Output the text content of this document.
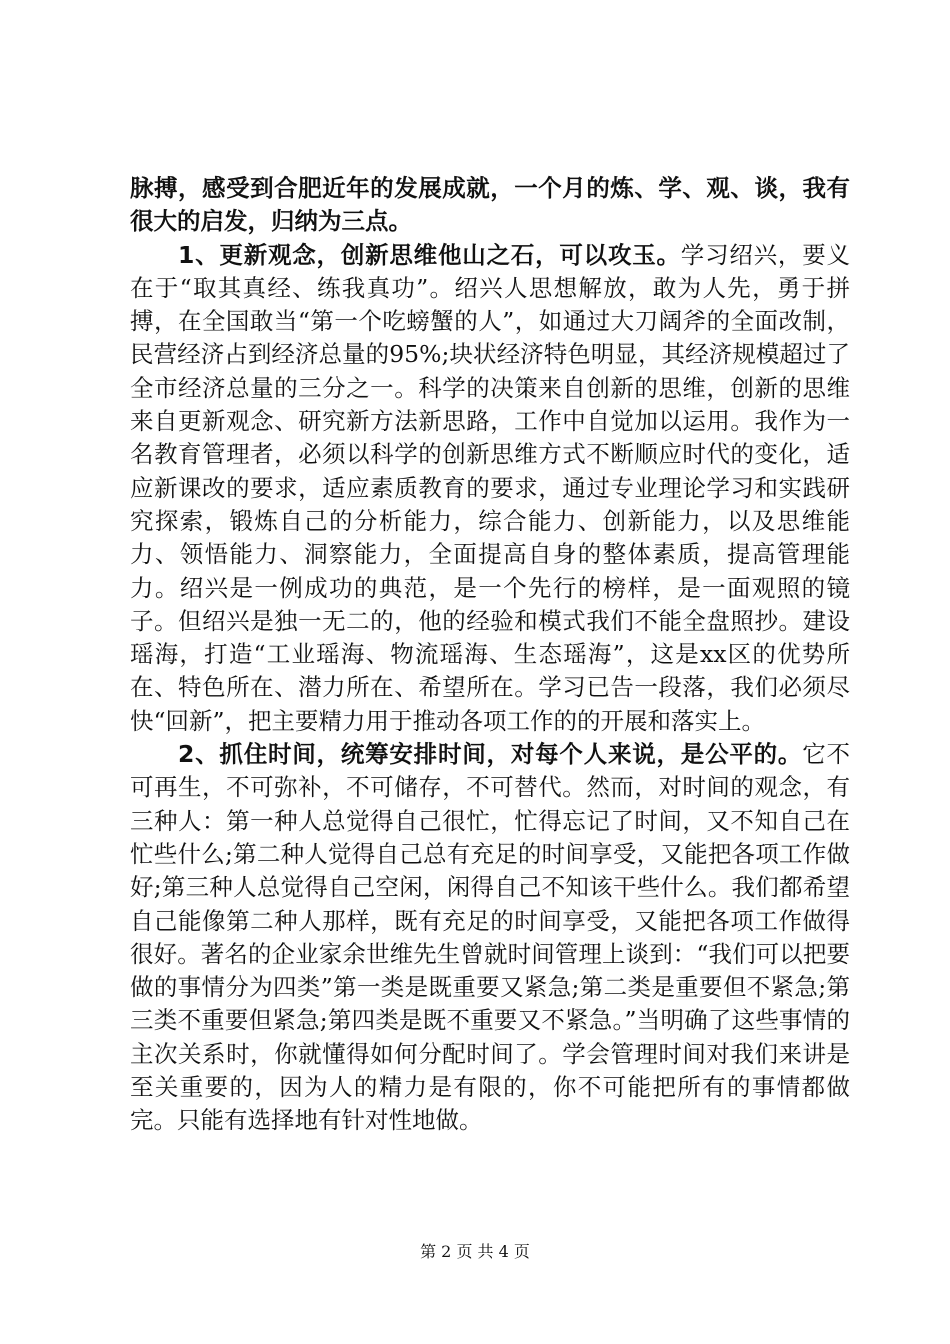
脉搏，感受到合肥近年的发展成就，一个月的炼、学、观、谈，我有很大的启发，归纳为三点。

1、更新观念，创新思维他山之石，可以攻玉。学习绍兴，要义在于“取其真经、练我真功”。绍兴人思想解放，敢为人先，勇于拼搏，在全国敢当“第一个吃螃蟹的人”，如通过大刀阔斧的全面改制，民营经济占到经济总量的95%;块状经济特色明显，其经济规模超过了全市经济总量的三分之一。科学的决策来自创新的思维，创新的思维来自更新观念、研究新方法新思路，工作中自觉加以运用。我作为一名教育管理者，必须以科学的创新思维方式不断顺应时代的变化，适应新课改的要求，适应素质教育的要求，通过专业理论学习和实践研究探索，锻炼自己的分析能力，综合能力、创新能力，以及思维能力、领悟能力、洞察能力，全面提高自身的整体素质，提高管理能力。绍兴是一例成功的典范，是一个先行的榜样，是一面观照的镜子。但绍兴是独一无二的，他的经验和模式我们不能全盘照抄。建设瑶海，打造“工业瑶海、物流瑶海、生态瑶海”，这是xx区的优势所在、特色所在、潜力所在、希望所在。学习已告一段落，我们必须尽快“回新”，把主要精力用于推动各项工作的的开展和落实上。

2、抓住时间，统筹安排时间，对每个人来说，是公平的。它不可再生，不可弥补，不可储存，不可替代。然而，对时间的观念，有三种人：第一种人总觉得自己很忙，忙得忘记了时间，又不知自己在忙些什么;第二种人觉得自己总有充足的时间享受，又能把各项工作做好;第三种人总觉得自己空闲，闲得自己不知该干些什么。我们都希望自己能像第二种人那样，既有充足的时间享受，又能把各项工作做得很好。著名的企业家余世维先生曾就时间管理上谈到：“我们可以把要做的事情分为四类”第一类是既重要又紧急;第二类是重要但不紧急;第三类不重要但紧急;第四类是既不重要又不紧急。”当明确了这些事情的主次关系时，你就懂得如何分配时间了。学会管理时间对我们来讲是至关重要的，因为人的精力是有限的，你不可能把所有的事情都做完。只能有选择地有针对性地做。

第 2 页 共 4 页
